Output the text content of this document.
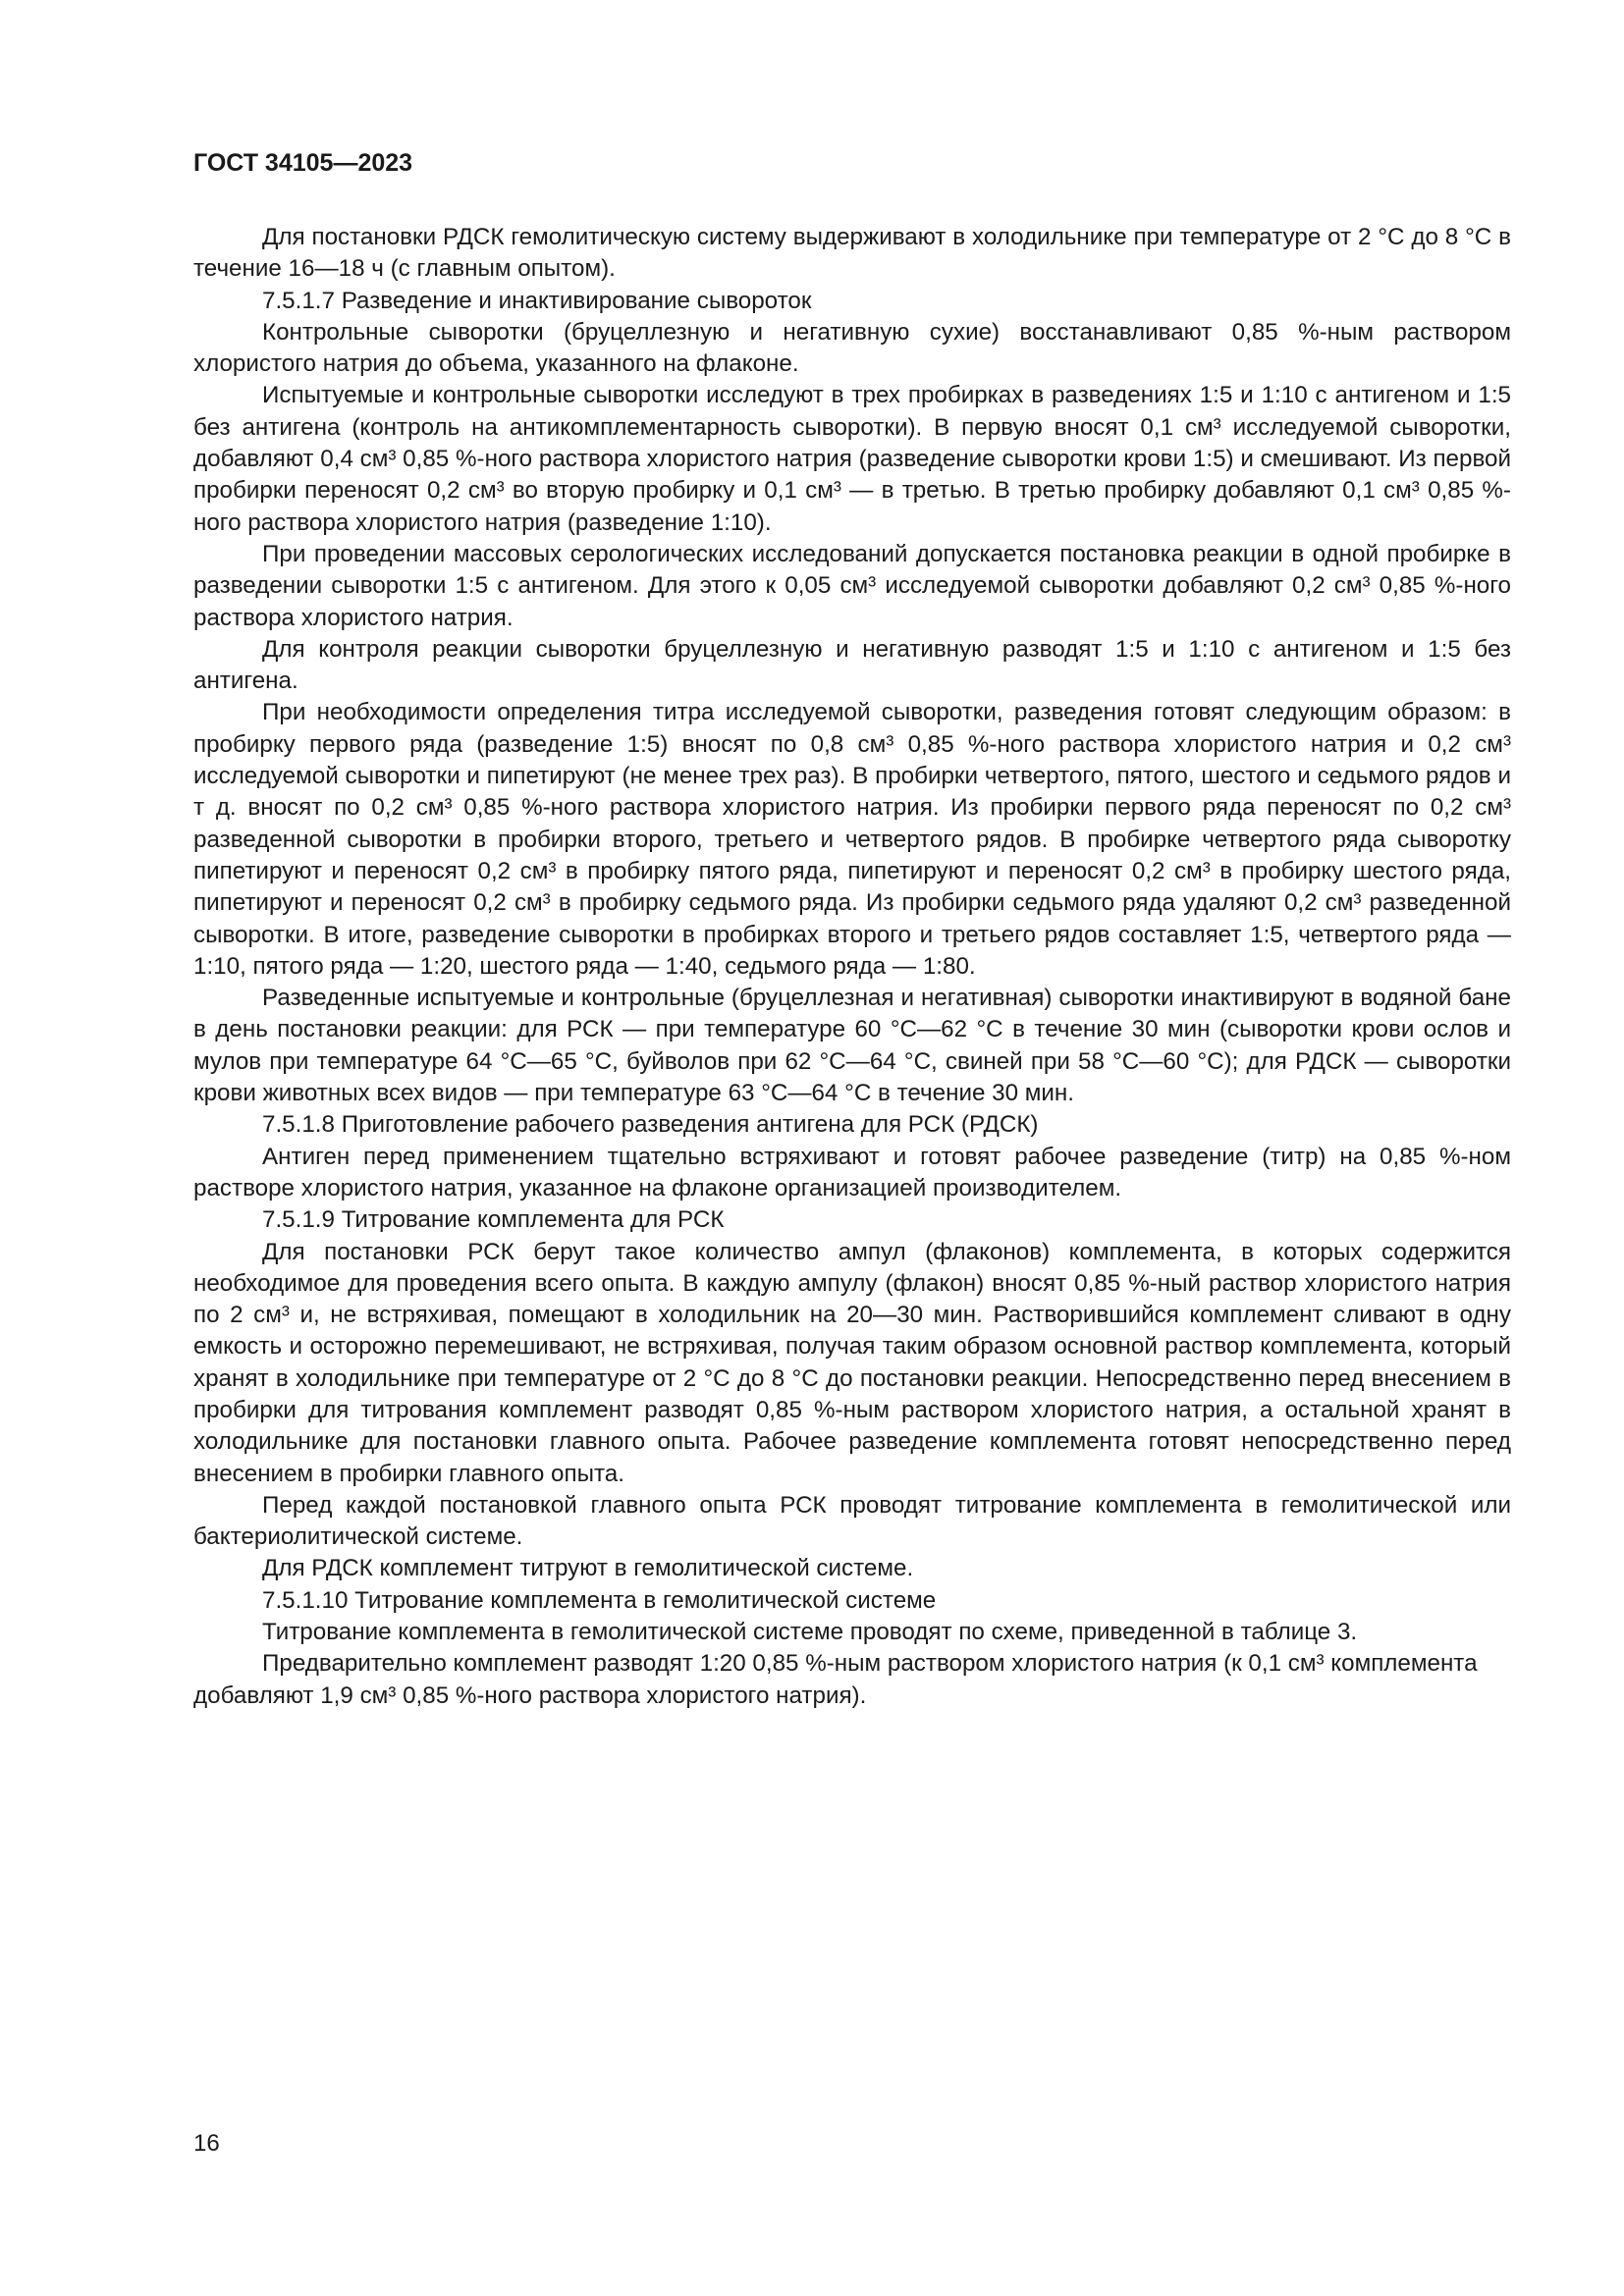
ГОСТ 34105—2023

Для постановки РДСК гемолитическую систему выдерживают в холодильнике при температуре от 2 °С до 8 °С в течение 16—18 ч (с главным опытом).

7.5.1.7 Разведение и инактивирование сывороток

Контрольные сыворотки (бруцеллезную и негативную сухие) восстанавливают 0,85 %-ным раствором хлористого натрия до объема, указанного на флаконе.

Испытуемые и контрольные сыворотки исследуют в трех пробирках в разведениях 1:5 и 1:10 с антигеном и 1:5 без антигена (контроль на антикомплементарность сыворотки). В первую вносят 0,1 см³ исследуемой сыворотки, добавляют 0,4 см³ 0,85 %-ного раствора хлористого натрия (разведение сыворотки крови 1:5) и смешивают. Из первой пробирки переносят 0,2 см³ во вторую пробирку и 0,1 см³ — в третью. В третью пробирку добавляют 0,1 см³ 0,85 %-ного раствора хлористого натрия (разведение 1:10).

При проведении массовых серологических исследований допускается постановка реакции в одной пробирке в разведении сыворотки 1:5 с антигеном. Для этого к 0,05 см³ исследуемой сыворотки добавляют 0,2 см³ 0,85 %-ного раствора хлористого натрия.

Для контроля реакции сыворотки бруцеллезную и негативную разводят 1:5 и 1:10 с антигеном и 1:5 без антигена.

При необходимости определения титра исследуемой сыворотки, разведения готовят следующим образом: в пробирку первого ряда (разведение 1:5) вносят по 0,8 см³ 0,85 %-ного раствора хлористого натрия и 0,2 см³ исследуемой сыворотки и пипетируют (не менее трех раз). В пробирки четвертого, пятого, шестого и седьмого рядов и т д. вносят по 0,2 см³ 0,85 %-ного раствора хлористого натрия. Из пробирки первого ряда переносят по 0,2 см³ разведенной сыворотки в пробирки второго, третьего и четвертого рядов. В пробирке четвертого ряда сыворотку пипетируют и переносят 0,2 см³ в пробирку пятого ряда, пипетируют и переносят 0,2 см³ в пробирку шестого ряда, пипетируют и переносят 0,2 см³ в пробирку седьмого ряда. Из пробирки седьмого ряда удаляют 0,2 см³ разведенной сыворотки. В итоге, разведение сыворотки в пробирках второго и третьего рядов составляет 1:5, четвертого ряда — 1:10, пятого ряда — 1:20, шестого ряда — 1:40, седьмого ряда — 1:80.

Разведенные испытуемые и контрольные (бруцеллезная и негативная) сыворотки инактивируют в водяной бане в день постановки реакции: для РСК — при температуре 60 °С—62 °С в течение 30 мин (сыворотки крови ослов и мулов при температуре 64 °С—65 °С, буйволов при 62 °С—64 °С, свиней при 58 °С—60 °С); для РДСК — сыворотки крови животных всех видов — при температуре 63 °С—64 °С в течение 30 мин.

7.5.1.8 Приготовление рабочего разведения антигена для РСК (РДСК)

Антиген перед применением тщательно встряхивают и готовят рабочее разведение (титр) на 0,85 %-ном растворе хлористого натрия, указанное на флаконе организацией производителем.

7.5.1.9 Титрование комплемента для РСК

Для постановки РСК берут такое количество ампул (флаконов) комплемента, в которых содержится необходимое для проведения всего опыта. В каждую ампулу (флакон) вносят 0,85 %-ный раствор хлористого натрия по 2 см³ и, не встряхивая, помещают в холодильник на 20—30 мин. Растворившийся комплемент сливают в одну емкость и осторожно перемешивают, не встряхивая, получая таким образом основной раствор комплемента, который хранят в холодильнике при температуре от 2 °С до 8 °С до постановки реакции. Непосредственно перед внесением в пробирки для титрования комплемент разводят 0,85 %-ным раствором хлористого натрия, а остальной хранят в холодильнике для постановки главного опыта. Рабочее разведение комплемента готовят непосредственно перед внесением в пробирки главного опыта.

Перед каждой постановкой главного опыта РСК проводят титрование комплемента в гемолитической или бактериолитической системе.

Для РДСК комплемент титруют в гемолитической системе.

7.5.1.10 Титрование комплемента в гемолитической системе

Титрование комплемента в гемолитической системе проводят по схеме, приведенной в таблице 3.

Предварительно комплемент разводят 1:20 0,85 %-ным раствором хлористого натрия (к 0,1 см³ комплемента добавляют 1,9 см³ 0,85 %-ного раствора хлористого натрия).

16
